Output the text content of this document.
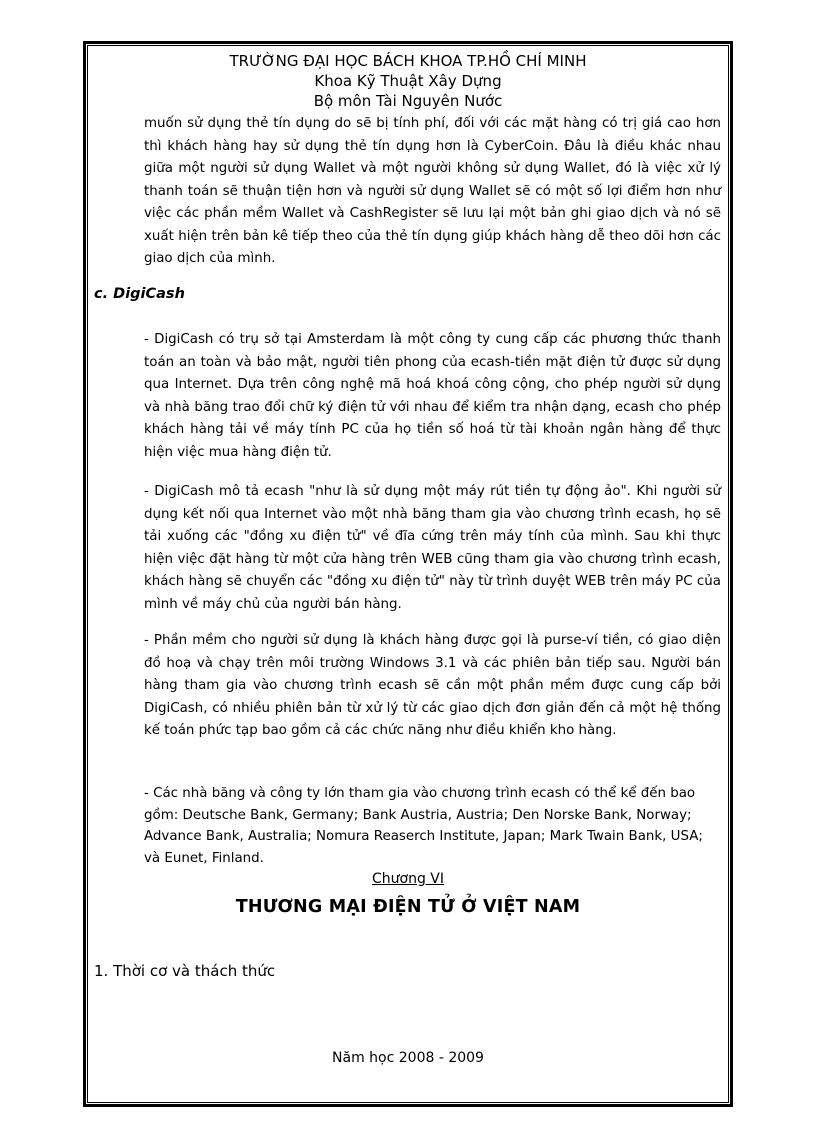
TRƯỜNG ĐẠI HỌC BÁCH KHOA TP.HỒ CHÍ MINH
Khoa Kỹ Thuật Xây Dựng
Bộ môn Tài Nguyên Nước
muốn sử dụng thẻ tín dụng do sẽ bị tính phí, đối với các mặt hàng có trị giá cao hơn thì khách hàng hay sử dụng thẻ tín dụng hơn là CyberCoin. Đâu là điều khác nhau giữa một người sử dụng Wallet và một người không sử dụng Wallet, đó là việc xử lý thanh toán sẽ thuận tiện hơn và người sử dụng Wallet sẽ có một số lợi điểm hơn như việc các phần mềm Wallet và CashRegister sẽ lưu lại một bản ghi giao dịch và nó sẽ xuất hiện trên bản kê tiếp theo của thẻ tín dụng giúp khách hàng dễ theo dõi hơn các giao dịch của mình.
c. DigiCash
- DigiCash có trụ sở tại Amsterdam là một công ty cung cấp các phương thức thanh toán an toàn và bảo mật, người tiên phong của ecash-tiền mặt điện tử được sử dụng qua Internet. Dựa trên công nghệ mã hoá khoá công cộng, cho phép người sử dụng và nhà băng trao đổi chữ ký điện tử với nhau để kiểm tra nhận dạng, ecash cho phép khách hàng tải về máy tính PC của họ tiền số hoá từ tài khoản ngân hàng để thực hiện việc mua hàng điện tử.
- DigiCash mô tả ecash "như là sử dụng một máy rút tiền tự động ảo". Khi người sử dụng kết nối qua Internet vào một nhà băng tham gia vào chương trình ecash, họ sẽ tải xuống các "đồng xu điện tử" về đĩa cứng trên máy tính của mình. Sau khi thực hiện việc đặt hàng từ một cửa hàng trên WEB cũng tham gia vào chương trình ecash, khách hàng sẽ chuyển các "đồng xu điện tử" này từ trình duyệt WEB trên máy PC của mình về máy chủ của người bán hàng.
- Phần mềm cho người sử dụng là khách hàng được gọi là purse-ví tiền, có giao diện đồ hoạ và chạy trên môi trường Windows 3.1 và các phiên bản tiếp sau. Người bán hàng tham gia vào chương trình ecash sẽ cần một phần mềm được cung cấp bởi DigiCash, có nhiều phiên bản từ xử lý từ các giao dịch đơn giản đến cả một hệ thống kế toán phức tạp bao gồm cả các chức năng như điều khiển kho hàng.
- Các nhà băng và công ty lớn tham gia vào chương trình ecash có thể kể đến bao gồm: Deutsche Bank, Germany; Bank Austria, Austria; Den Norske Bank, Norway; Advance Bank, Australia; Nomura Reaserch Institute, Japan; Mark Twain Bank, USA; và Eunet, Finland.
Chương VI
THƯƠNG MẠI ĐIỆN TỬ Ở VIỆT NAM
1. Thời cơ và thách thức
Năm học 2008 - 2009
